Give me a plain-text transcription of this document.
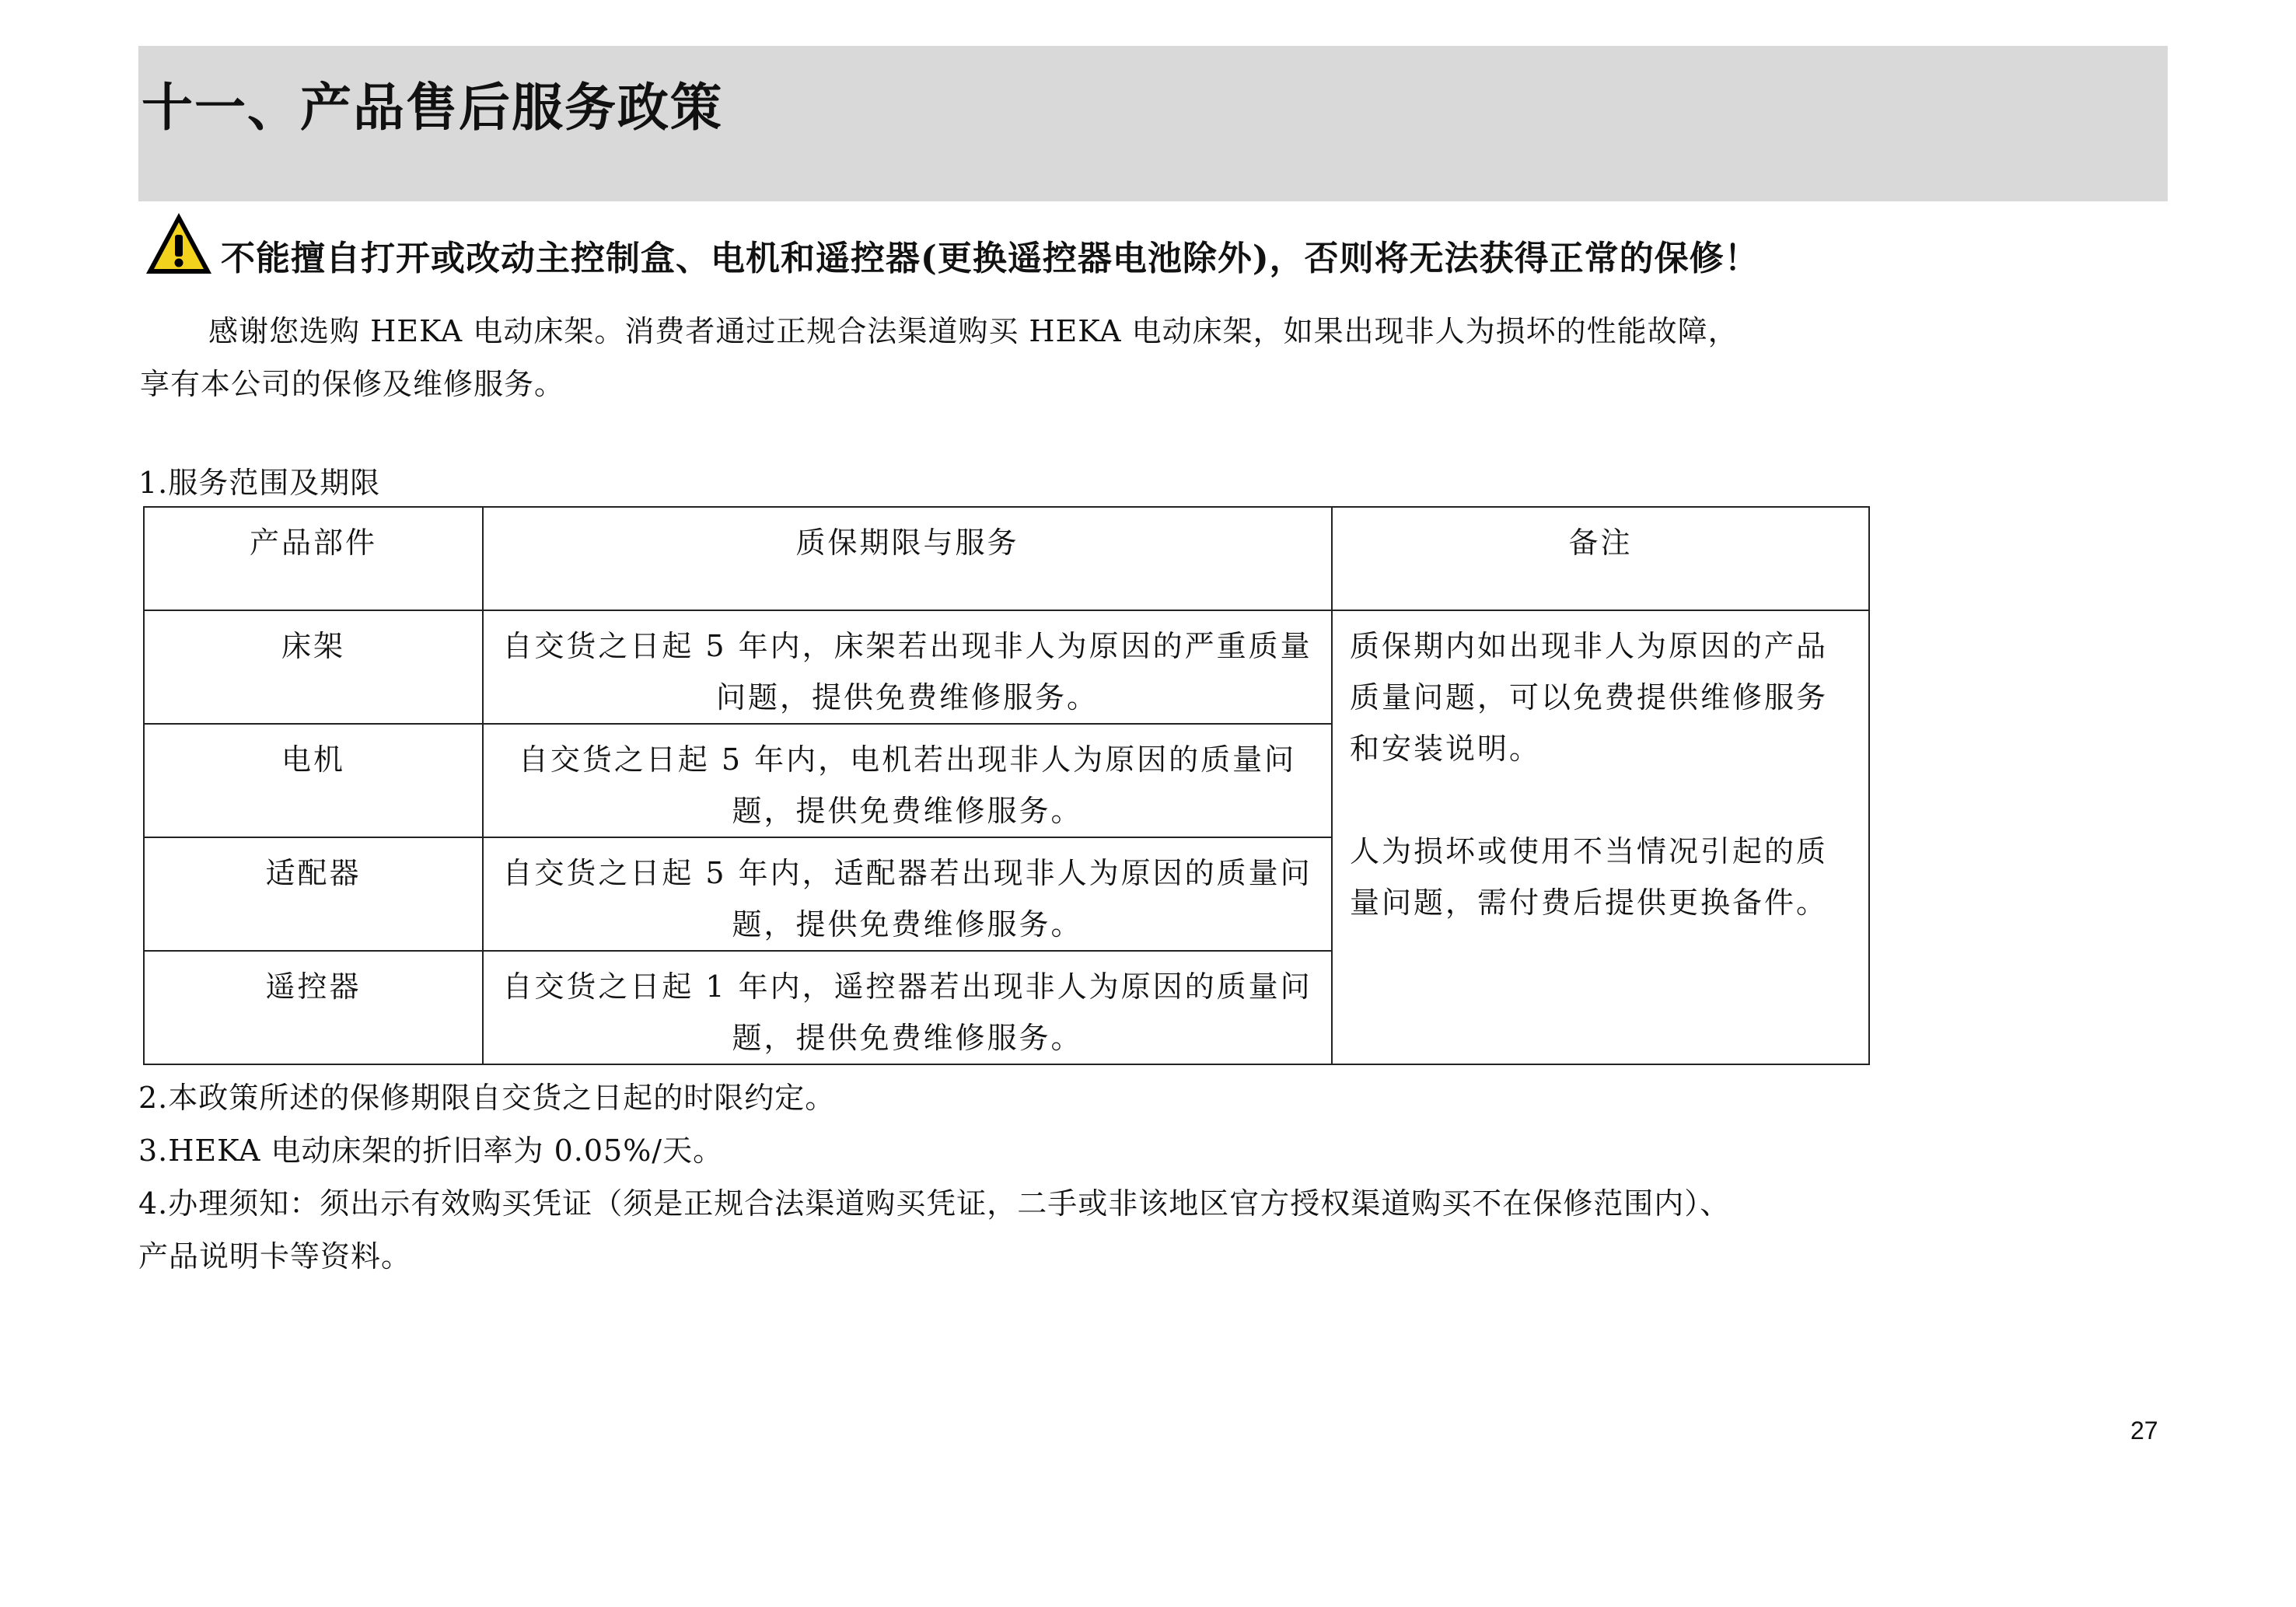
十一、产品售后服务政策
不能擅自打开或改动主控制盒、电机和遥控器(更换遥控器电池除外)，否则将无法获得正常的保修！

感谢您选购 HEKA 电动床架。消费者通过正规合法渠道购买 HEKA 电动床架，如果出现非人为损坏的性能故障，

享有本公司的保修及维修服务。

1.服务范围及期限

产品部件	质保期限与服务	备注
床架	自交货之日起 5 年内，床架若出现非人为原因的严重质量问题，提供免费维修服务。	质保期内如出现非人为原因的产品质量问题，可以免费提供维修服务和安装说明。
人为损坏或使用不当情况引起的质量问题，需付费后提供更换备件。

电机	自交货之日起 5 年内，电机若出现非人为原因的质量问题，提供免费维修服务。	
适配器	自交货之日起 5 年内，适配器若出现非人为原因的质量问题，提供免费维修服务。	
遥控器	自交货之日起 1 年内，遥控器若出现非人为原因的质量问题，提供免费维修服务。	
2.本政策所述的保修期限自交货之日起的时限约定。
3.HEKA 电动床架的折旧率为 0.05%/天。
4.办理须知：须出示有效购买凭证（须是正规合法渠道购买凭证，二手或非该地区官方授权渠道购买不在保修范围内）、
产品说明卡等资料。
27
